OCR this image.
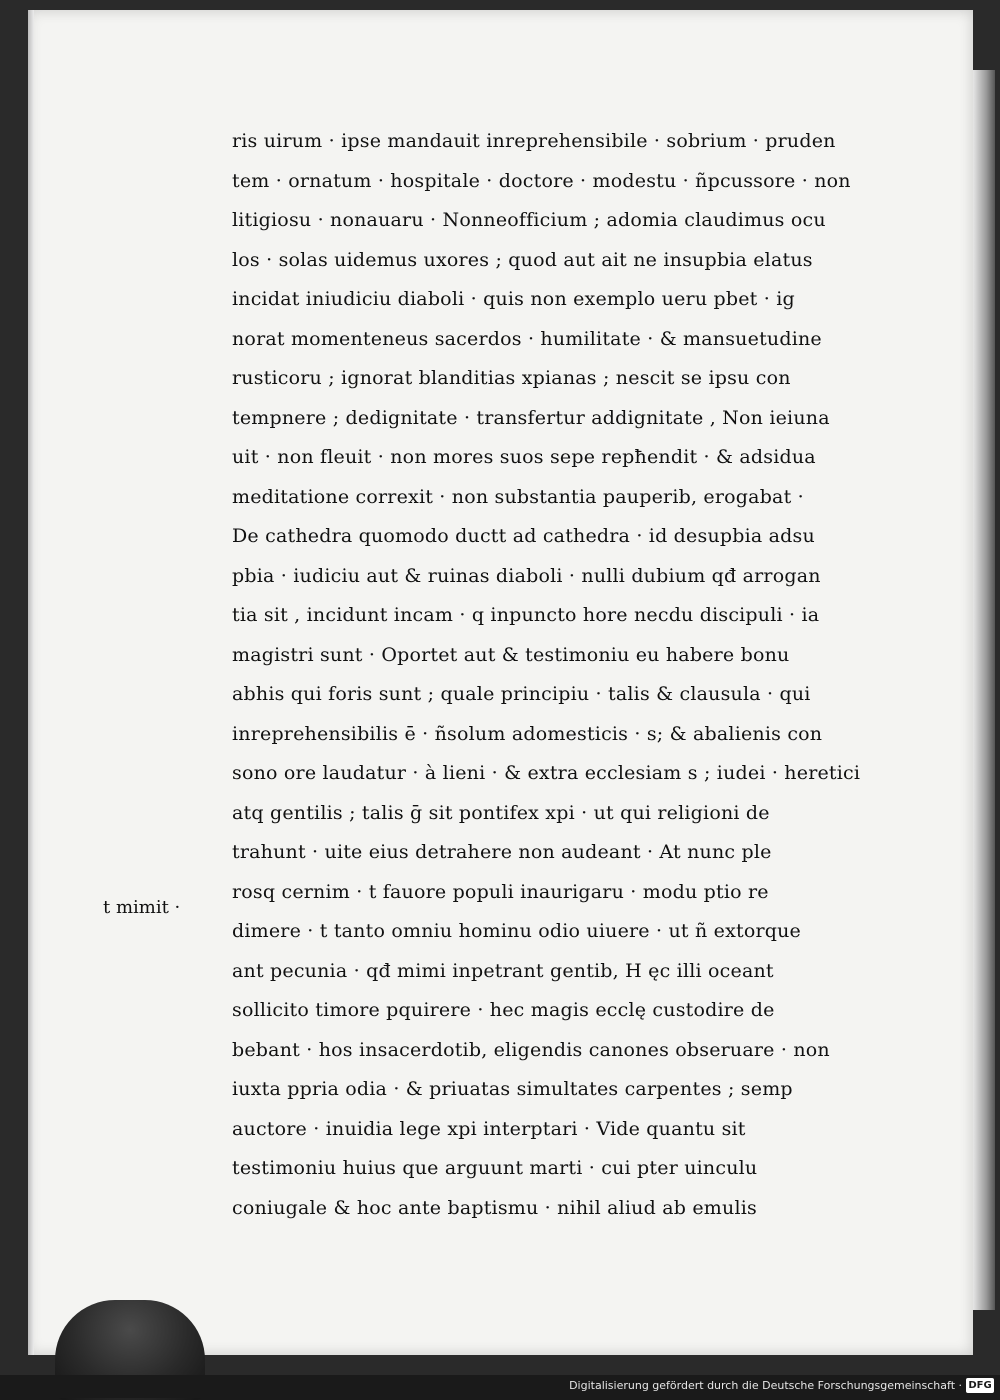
ris uirum · ipse mandauit inreprehensibile · sobrium · pruden
tem · ornatum · hospitale · doctore · modestu · ñpcussore · non
litigiosu · nonauaru · Nonneofficium ; adomia claudimus ocu
los · solas uidemus uxores ; quod aut ait ne insupbia elatus
incidat iniudiciu diaboli · quis non exemplo ueru pbet · ig
norat momenteneus sacerdos · humilitate · & mansuetudine
rusticoru ; ignorat blanditias xpianas ; nescit se ipsu con
tempnere ; dedignitate · transfertur addignitate , Non ieiuna
uit · non fleuit · non mores suos sepe repħendit · & adsidua
meditatione correxit · non substantia pauperib, erogabat ·
De cathedra quomodo ductt ad cathedra · id desupbia adsu
pbia · iudiciu aut & ruinas diaboli · nulli dubium qđ arrogan
tia sit , incidunt incam · q inpuncto hore necdu discipuli · ia
magistri sunt · Oportet aut & testimoniu eu habere bonu
abhis qui foris sunt ; quale principiu · talis & clausula · qui
inreprehensibilis ē · ñsolum adomesticis · s; & abalienis con
sono ore laudatur · à lieni · & extra ecclesiam s ; iudei · heretici
atq gentilis ; talis ḡ sit pontifex xpi · ut qui religioni de
trahunt · uite eius detrahere non audeant · At nunc ple
rosq cernim · t fauore populi inaurigaru · modu ptio re
dimere · t tanto omniu hominu odio uiuere · ut ñ extorque
ant pecunia · qđ mimi inpetrant gentib, H ęc illi oceant
sollicito timore pquirere · hec magis ecclę custodire de
bebant · hos insacerdotib, eligendis canones obseruare · non
iuxta ppria odia · & priuatas simultates carpentes ; semp
auctore · inuidia lege xpi interptari · Vide quantu sit
testimoniu huius que arguunt marti · cui pter uinculu
coniugale & hoc ante baptismu · nihil aliud ab emulis
t mimit ·
Digitalisierung gefördert durch die Deutsche Forschungsgemeinschaft · DFG
